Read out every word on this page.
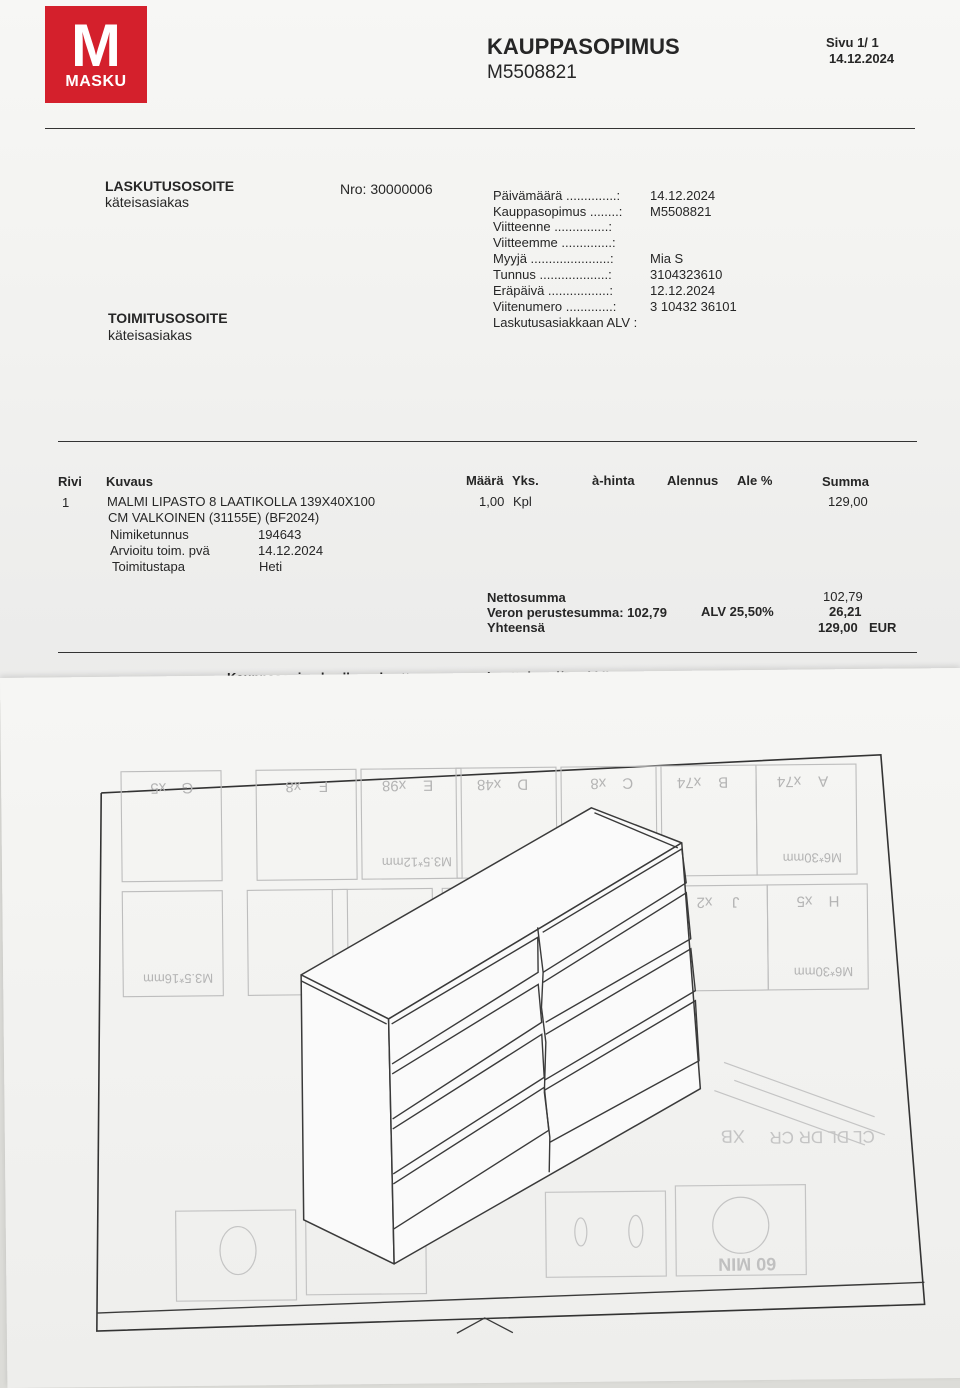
M
MASKU
KAUPPASOPIMUS
M5508821
Sivu 1/ 1
14.12.2024
LASKUTUSOSOITE
käteisasiakas
Nro: 30000006
TOIMITUSOSOITE
käteisasiakas
Päivämäärä ..............: 14.12.2024
Kauppasopimus ........: M5508821
Viitteenne ...............:
Viitteemme ..............:
Myyjä ......................:	Mia S
Tunnus ...................:	3104323610
Eräpäivä .................:	12.12.2024
Viitenumero .............:	3 10432 36101
Laskutusasiakkaan ALV :
Rivi Kuvaus	Määrä Yks.	à-hinta Alennus Ale %	Summa
1	MALMI LIPASTO 8 LAATIKOLLA 139X40X100
CM VALKOINEN (31155E) (BF2024)
1,00 Kpl	129,00
Nimiketunnus	194643
Arvioitu toim. pvä	14.12.2024
Toimitustapa	Heti
Nettosumma	102,79
Veron perustesumma: 102,79	ALV 25,50%	26,21
Yhteensä	129,00 EUR
A
x74
B
x74
C
x8
D
x48
E
x98
F
x8
G
x5
H
x5
J
x2
M6*30mm
M6*30mm
M3.5*12mm
M3.5*16mm
60 MIN
XB CL DL DR CR
